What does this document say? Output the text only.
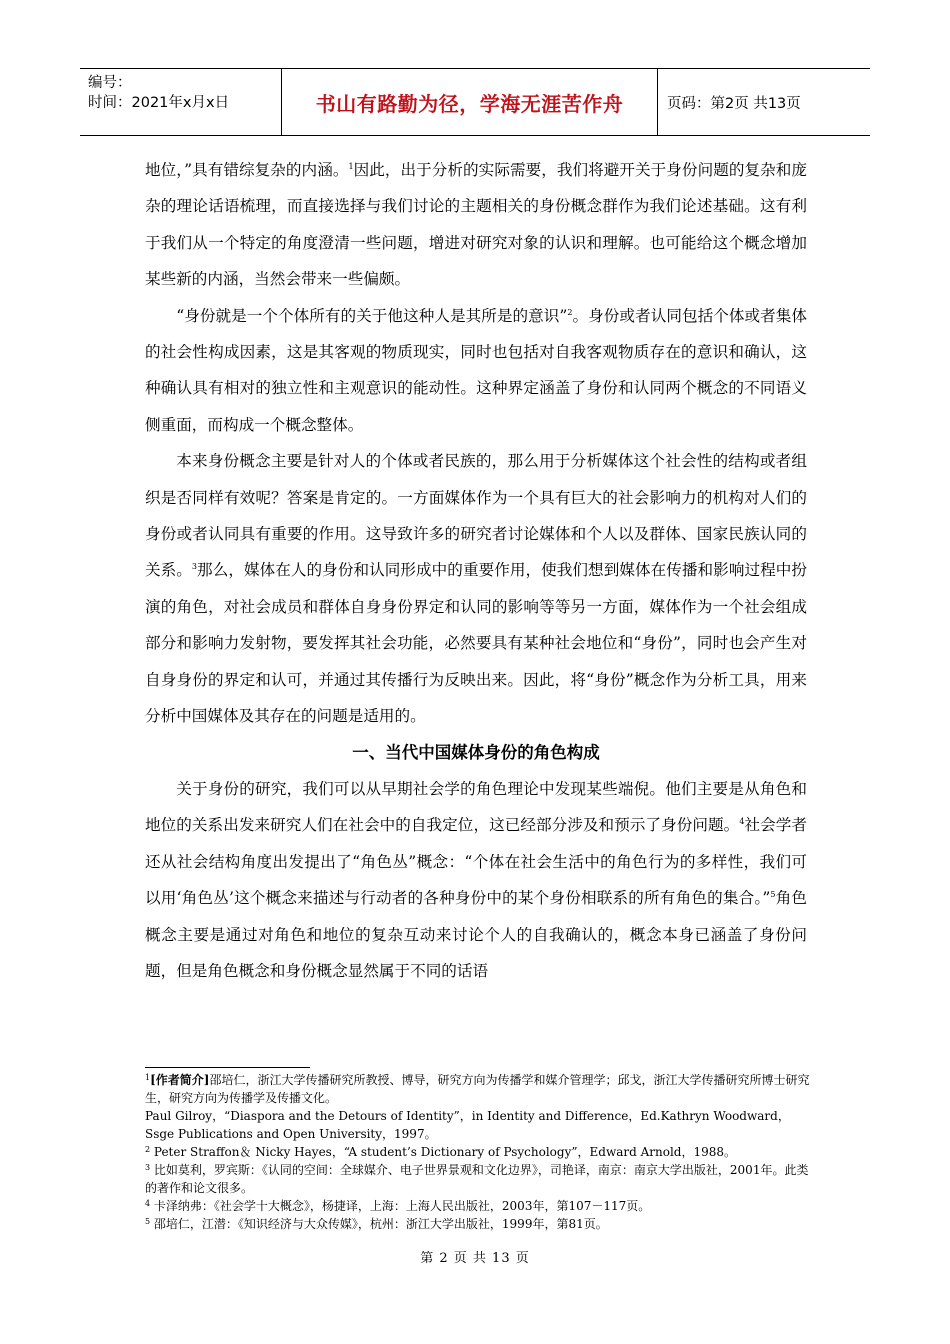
编号：
时间：2021年x月x日	书山有路勤为径，学海无涯苦作舟	页码：第2页 共13页

地位，”具有错综复杂的内涵。$^1$因此，出于分析的实际需要，我们将避开关于身份问题的复杂和庞杂的理论话语梳理，而直接选择与我们讨论的主题相关的身份概念群作为我们论述基础。这有利于我们从一个特定的角度澄清一些问题，增进对研究对象的认识和理解。也可能给这个概念增加某些新的内涵，当然会带来一些偏颇。

“身份就是一个个体所有的关于他这种人是其所是的意识”$^2$。身份或者认同包括个体或者集体的社会性构成因素，这是其客观的物质现实，同时也包括对自我客观物质存在的意识和确认，这种确认具有相对的独立性和主观意识的能动性。这种界定涵盖了身份和认同两个概念的不同语义侧重面，而构成一个概念整体。

本来身份概念主要是针对人的个体或者民族的，那么用于分析媒体这个社会性的结构或者组织是否同样有效呢？答案是肯定的。一方面媒体作为一个具有巨大的社会影响力的机构对人们的身份或者认同具有重要的作用。这导致许多的研究者讨论媒体和个人以及群体、国家民族认同的关系。$^3$那么，媒体在人的身份和认同形成中的重要作用，使我们想到媒体在传播和影响过程中扮演的角色，对社会成员和群体自身身份界定和认同的影响等等另一方面，媒体作为一个社会组成部分和影响力发射物，要发挥其社会功能，必然要具有某种社会地位和“身份”，同时也会产生对自身身份的界定和认可，并通过其传播行为反映出来。因此，将“身份”概念作为分析工具，用来分析中国媒体及其存在的问题是适用的。

一、当代中国媒体身份的角色构成

关于身份的研究，我们可以从早期社会学的角色理论中发现某些端倪。他们主要是从角色和地位的关系出发来研究人们在社会中的自我定位，这已经部分涉及和预示了身份问题。$^4$社会学者还从社会结构角度出发提出了“角色丛”概念：“个体在社会生活中的角色行为的多样性，我们可以用‘角色丛’这个概念来描述与行动者的各种身份中的某个身份相联系的所有角色的集合。”$^5$角色概念主要是通过对角色和地位的复杂互动来讨论个人的自我确认的，概念本身已涵盖了身份问题，但是角色概念和身份概念显然属于不同的话语

$^1$[作者简介]邵培仁，浙江大学传播研究所教授、博导，研究方向为传播学和媒介管理学；邱戈，浙江大学传播研究所博士研究生，研究方向为传播学及传播文化。

Paul Gilroy，“Diaspora and the Detours of Identity”，in Identity and Difference，Ed.Kathryn Woodward，Ssge Publications and Open University，1997。

$^2$ Peter Straffon＆ Nicky Hayes，“A student’s Dictionary of Psychology”，Edward Arnold，1988。

$^3$ 比如莫利，罗宾斯：《认同的空间：全球媒介、电子世界景观和文化边界》，司艳译，南京：南京大学出版社，2001年。此类的著作和论文很多。

$^4$ 卡泽纳弗：《社会学十大概念》，杨捷译，上海：上海人民出版社，2003年，第107－117页。

$^5$ 邵培仁，江潜：《知识经济与大众传媒》，杭州：浙江大学出版社，1999年，第81页。

第 2 页 共 13 页
